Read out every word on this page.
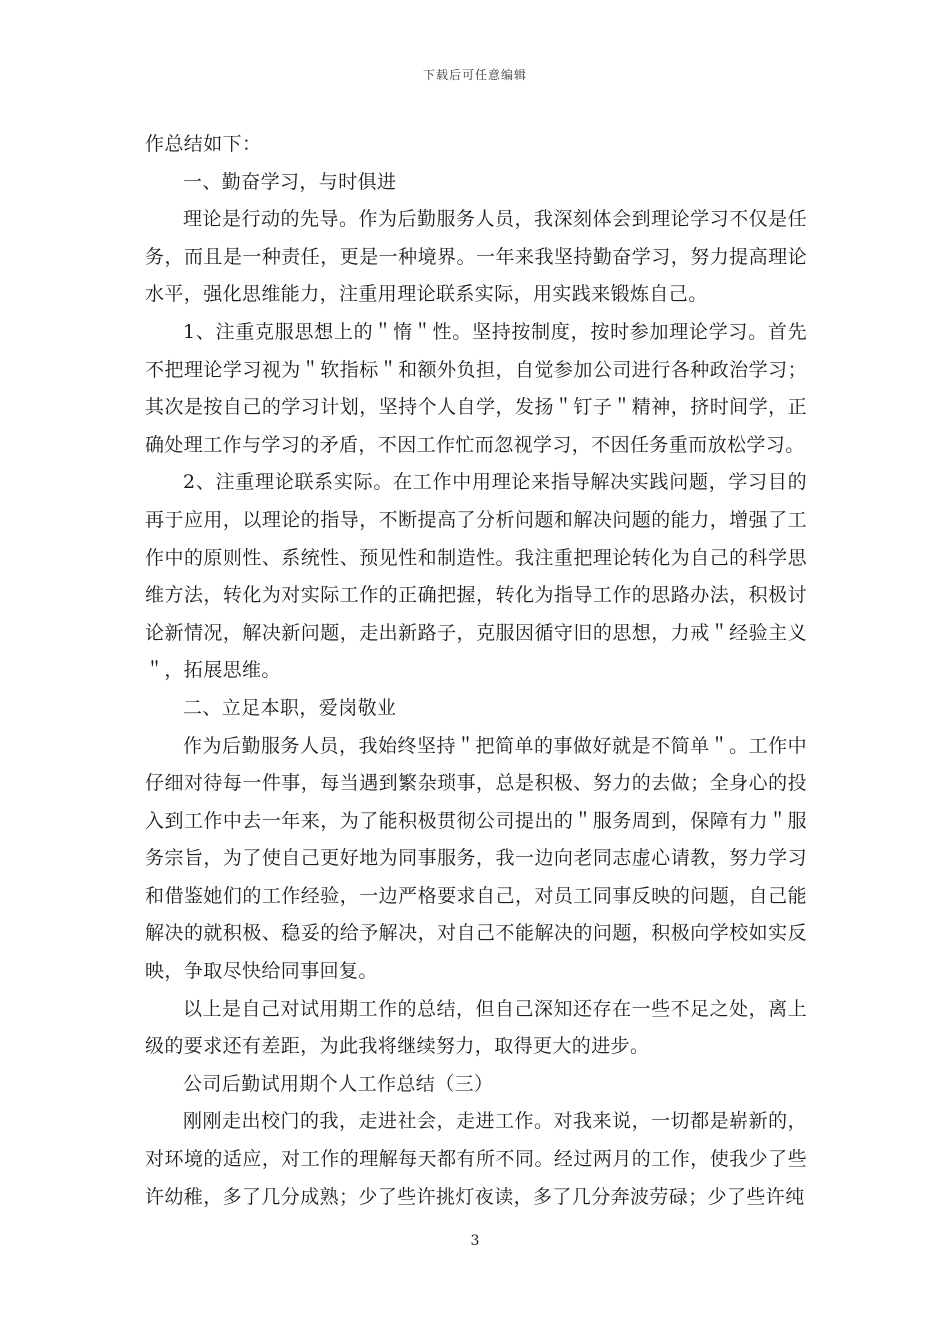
下载后可任意编辑

作总结如下：

一、勤奋学习，与时俱进

理论是行动的先导。作为后勤服务人员，我深刻体会到理论学习不仅是任务，而且是一种责任，更是一种境界。一年来我坚持勤奋学习，努力提高理论水平，强化思维能力，注重用理论联系实际，用实践来锻炼自己。

1、注重克服思想上的＂惰＂性。坚持按制度，按时参加理论学习。首先不把理论学习视为＂软指标＂和额外负担，自觉参加公司进行各种政治学习；其次是按自己的学习计划，坚持个人自学，发扬＂钉子＂精神，挤时间学，正确处理工作与学习的矛盾，不因工作忙而忽视学习，不因任务重而放松学习。

2、注重理论联系实际。在工作中用理论来指导解决实践问题，学习目的再于应用，以理论的指导，不断提高了分析问题和解决问题的能力，增强了工作中的原则性、系统性、预见性和制造性。我注重把理论转化为自己的科学思维方法，转化为对实际工作的正确把握，转化为指导工作的思路办法，积极讨论新情况，解决新问题，走出新路子，克服因循守旧的思想，力戒＂经验主义＂，拓展思维。

二、立足本职，爱岗敬业

作为后勤服务人员，我始终坚持＂把简单的事做好就是不简单＂。工作中仔细对待每一件事，每当遇到繁杂琐事，总是积极、努力的去做；全身心的投入到工作中去一年来，为了能积极贯彻公司提出的＂服务周到，保障有力＂服务宗旨，为了使自己更好地为同事服务，我一边向老同志虚心请教，努力学习和借鉴她们的工作经验，一边严格要求自己，对员工同事反映的问题，自己能解决的就积极、稳妥的给予解决，对自己不能解决的问题，积极向学校如实反映，争取尽快给同事回复。

以上是自己对试用期工作的总结，但自己深知还存在一些不足之处，离上级的要求还有差距，为此我将继续努力，取得更大的进步。

公司后勤试用期个人工作总结（三）

刚刚走出校门的我，走进社会，走进工作。对我来说，一切都是崭新的，对环境的适应，对工作的理解每天都有所不同。经过两月的工作，使我少了些许幼稚，多了几分成熟；少了些许挑灯夜读，多了几分奔波劳碌；少了些许纯

3
